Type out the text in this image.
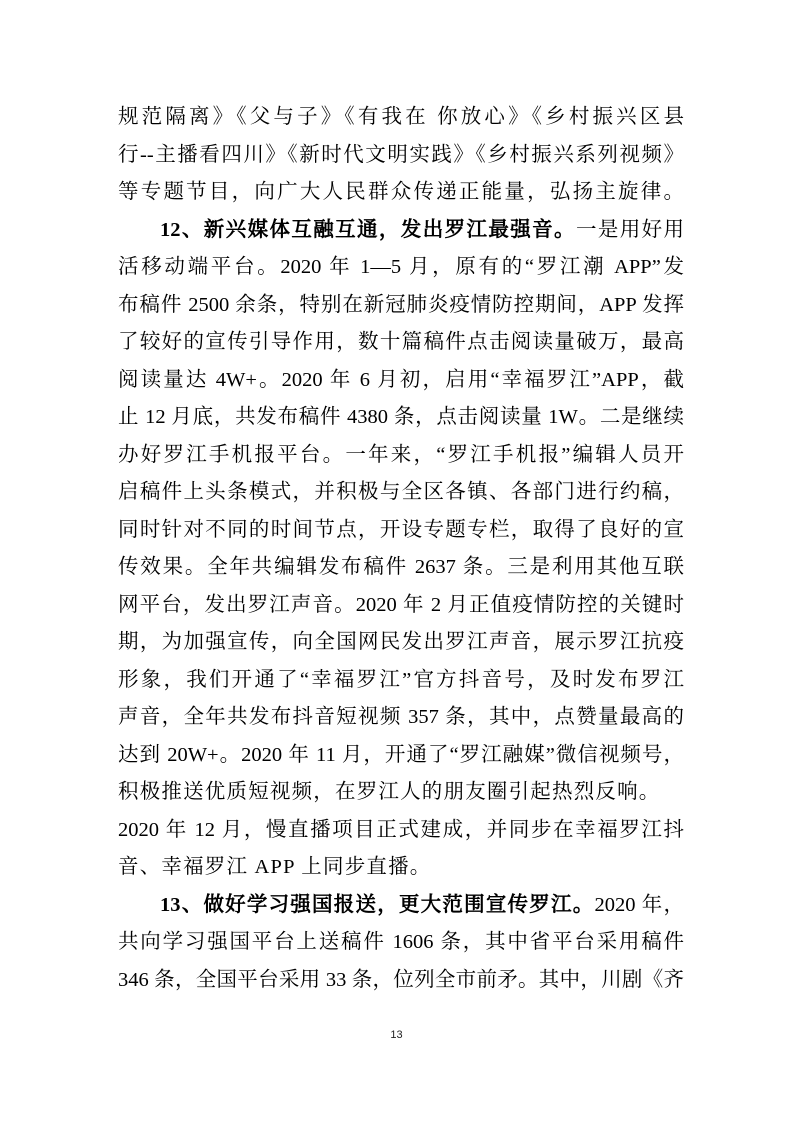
规范隔离》《父与子》《有我在 你放心》《乡村振兴区县
行--主播看四川》《新时代文明实践》《乡村振兴系列视频》
等专题节目，向广大人民群众传递正能量，弘扬主旋律。
12、新兴媒体互融互通，发出罗江最强音。一是用好用
活移动端平台。2020 年 1—5 月，原有的“罗江潮 APP”发
布稿件 2500 余条，特别在新冠肺炎疫情防控期间，APP 发挥
了较好的宣传引导作用，数十篇稿件点击阅读量破万，最高
阅读量达 4W+。2020 年 6 月初，启用“幸福罗江”APP，截
止 12 月底，共发布稿件 4380 条，点击阅读量 1W。二是继续
办好罗江手机报平台。一年来，“罗江手机报”编辑人员开
启稿件上头条模式，并积极与全区各镇、各部门进行约稿，
同时针对不同的时间节点，开设专题专栏，取得了良好的宣
传效果。全年共编辑发布稿件 2637 条。三是利用其他互联
网平台，发出罗江声音。2020 年 2 月正值疫情防控的关键时
期，为加强宣传，向全国网民发出罗江声音，展示罗江抗疫
形象，我们开通了“幸福罗江”官方抖音号，及时发布罗江
声音，全年共发布抖音短视频 357 条，其中，点赞量最高的
达到 20W+。2020 年 11 月，开通了“罗江融媒”微信视频号，
积极推送优质短视频，在罗江人的朋友圈引起热烈反响。
2020 年 12 月，慢直播项目正式建成，并同步在幸福罗江抖
音、幸福罗江 APP 上同步直播。
13、做好学习强国报送，更大范围宣传罗江。2020 年，
共向学习强国平台上送稿件 1606 条，其中省平台采用稿件
346 条，全国平台采用 33 条，位列全市前矛。其中，川剧《齐
13
